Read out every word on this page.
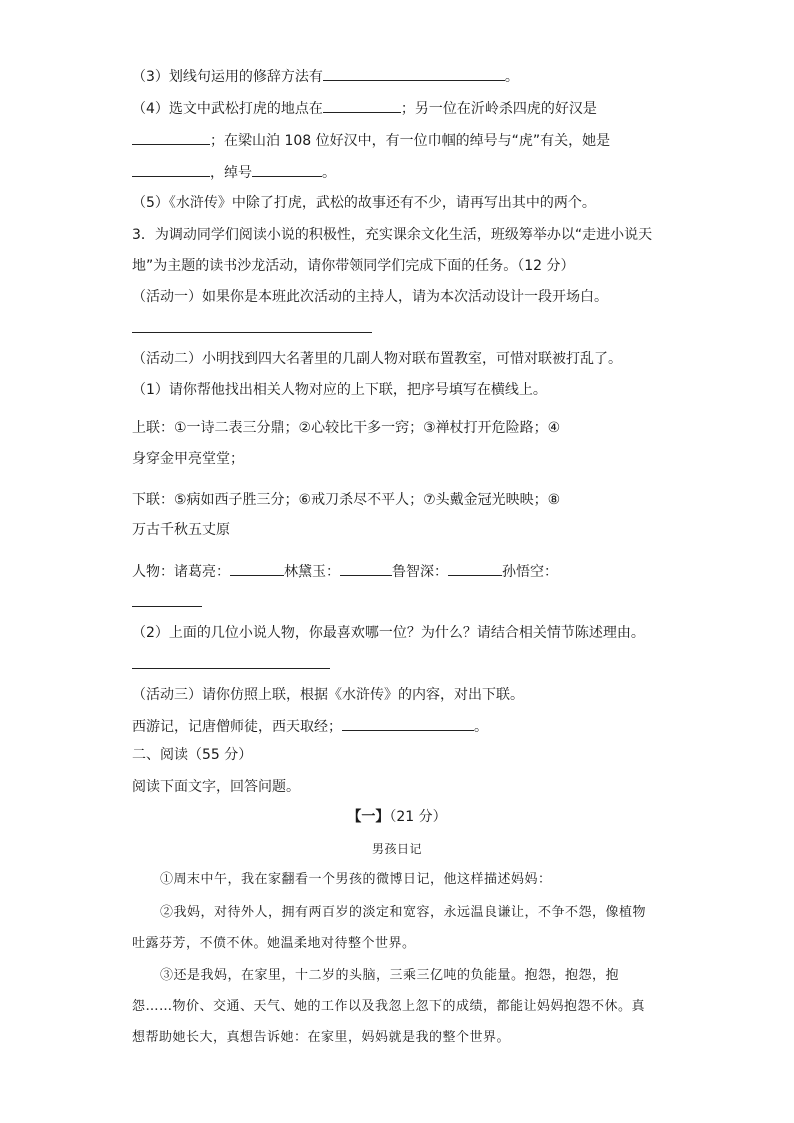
（3）划线句运用的修辞方法有	。
（4）选文中武松打虎的地点在	；另一位在沂岭杀四虎的好汉是
；在梁山泊 108 位好汉中，有一位巾帼的绰号与“虎”有关，她是
，绰号	。
（5）《水浒传》中除了打虎，武松的故事还有不少，请再写出其中的两个。
3．为调动同学们阅读小说的积极性，充实课余文化生活，班级筹举办以“走进小说天
地”为主题的读书沙龙活动，请你带领同学们完成下面的任务。（12 分）
（活动一）如果你是本班此次活动的主持人，请为本次活动设计一段开场白。
（活动二）小明找到四大名著里的几副人物对联布置教室，可惜对联被打乱了。
（1）请你帮他找出相关人物对应的上下联，把序号填写在横线上。
上联：①一诗二表三分鼎；②心较比干多一窍；③禅杖打开危险路；④
身穿金甲亮堂堂；
下联：⑤病如西子胜三分；⑥戒刀杀尽不平人；⑦头戴金冠光映映；⑧
万古千秋五丈原
人物：诸葛亮：	林黛玉：	鲁智深：	孙悟空：
（2）上面的几位小说人物，你最喜欢哪一位？为什么？请结合相关情节陈述理由。
（活动三）请你仿照上联，根据《水浒传》的内容，对出下联。
西游记，记唐僧师徒，西天取经；	。
二、阅读（55 分）
阅读下面文字，回答问题。
【一】（21 分）
男孩日记
①周末中午，我在家翻看一个男孩的微博日记，他这样描述妈妈：
②我妈，对待外人，拥有两百岁的淡定和宽容，永远温良谦让，不争不怨，像植物
吐露芬芳，不偾不休。她温柔地对待整个世界。
③还是我妈，在家里，十二岁的头脑，三乘三亿吨的负能量。抱怨，抱怨，抱
怨……物价、交通、天气、她的工作以及我忽上忽下的成绩，都能让妈妈抱怨不休。真
想帮助她长大，真想告诉她：在家里，妈妈就是我的整个世界。
